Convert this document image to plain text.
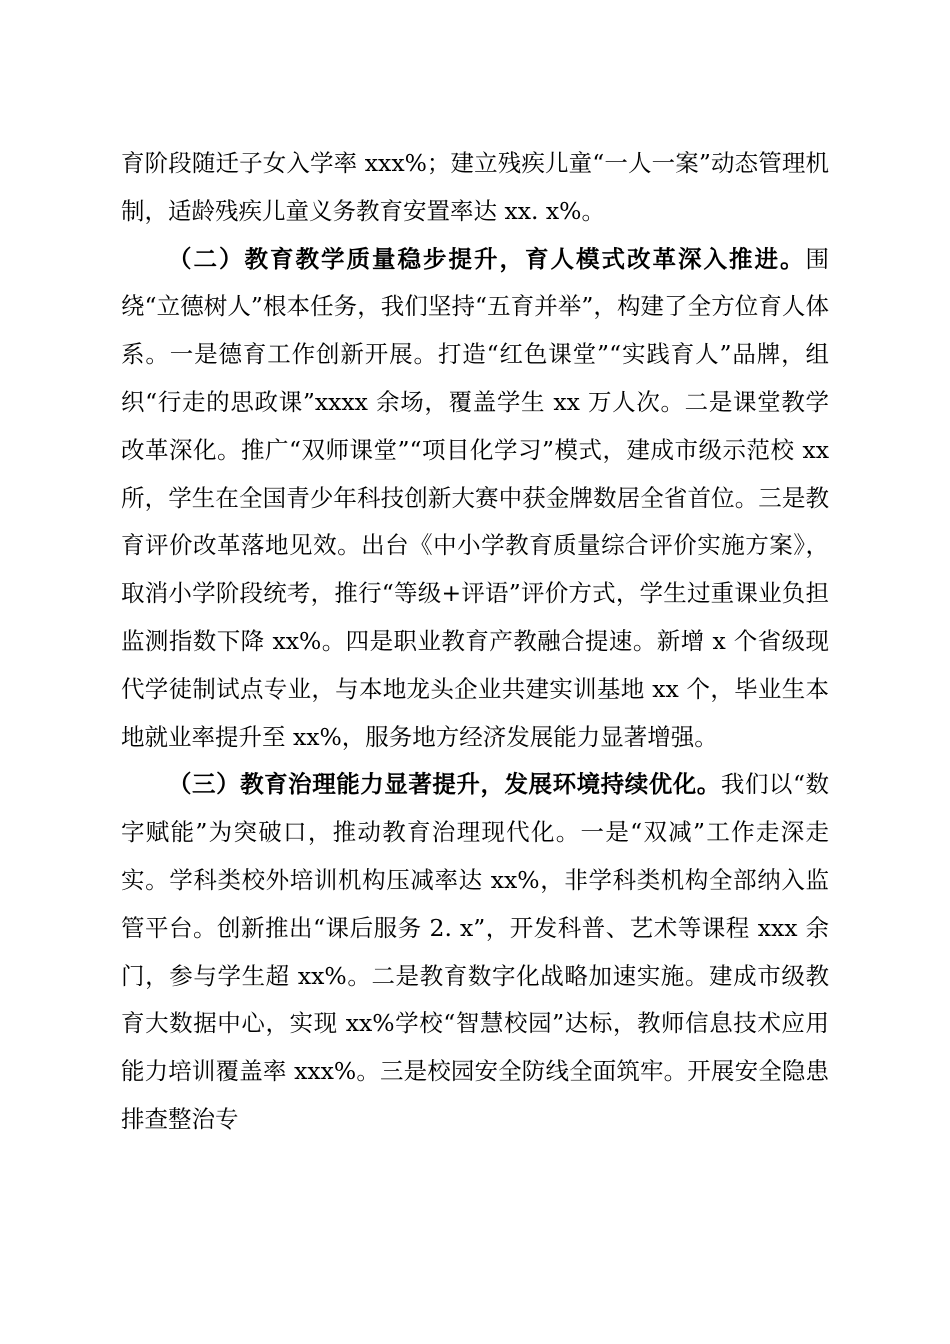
育阶段随迁子女入学率 xxx%；建立残疾儿童“一人一案”动态管理机制，适龄残疾儿童义务教育安置率达 xx. x%。

（二）教育教学质量稳步提升，育人模式改革深入推进。围绕“立德树人”根本任务，我们坚持“五育并举”，构建了全方位育人体系。一是德育工作创新开展。打造“红色课堂”“实践育人”品牌，组织“行走的思政课”xxxx 余场，覆盖学生 xx 万人次。二是课堂教学改革深化。推广“双师课堂”“项目化学习”模式，建成市级示范校 xx 所，学生在全国青少年科技创新大赛中获金牌数居全省首位。三是教育评价改革落地见效。出台《中小学教育质量综合评价实施方案》，取消小学阶段统考，推行“等级+评语”评价方式，学生过重课业负担监测指数下降 xx%。四是职业教育产教融合提速。新增 x 个省级现代学徒制试点专业，与本地龙头企业共建实训基地 xx 个，毕业生本地就业率提升至 xx%，服务地方经济发展能力显著增强。

（三）教育治理能力显著提升，发展环境持续优化。我们以“数字赋能”为突破口，推动教育治理现代化。一是“双减”工作走深走实。学科类校外培训机构压减率达 xx%，非学科类机构全部纳入监管平台。创新推出“课后服务 2. x”，开发科普、艺术等课程 xxx 余门，参与学生超 xx%。二是教育数字化战略加速实施。建成市级教育大数据中心，实现 xx%学校“智慧校园”达标，教师信息技术应用能力培训覆盖率 xxx%。三是校园安全防线全面筑牢。开展安全隐患排查整治专
